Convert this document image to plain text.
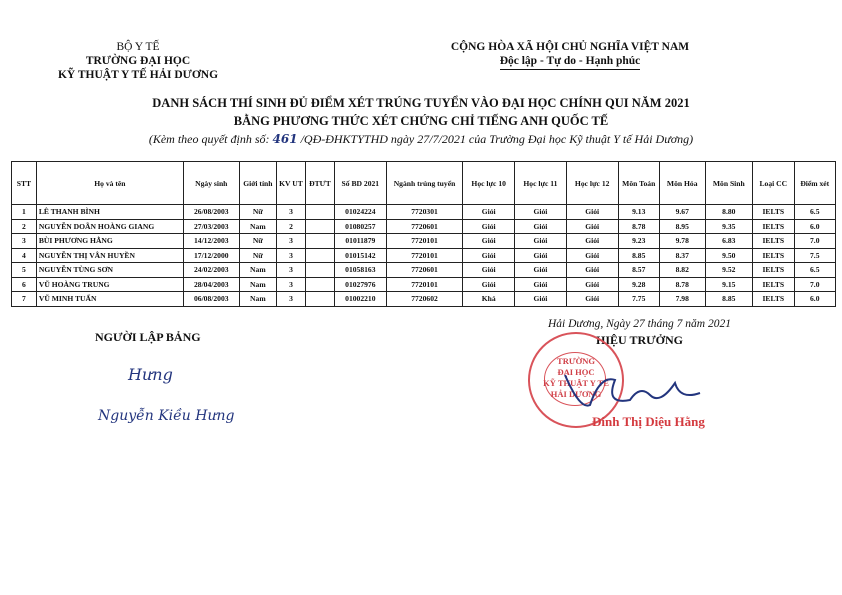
BỘ Y TẾ
TRƯỜNG ĐẠI HỌC
KỸ THUẬT Y TẾ HẢI DƯƠNG
CỘNG HÒA XÃ HỘI CHỦ NGHĨA VIỆT NAM
Độc lập - Tự do - Hạnh phúc
DANH SÁCH THÍ SINH ĐỦ ĐIỂM XÉT TRÚNG TUYỂN VÀO ĐẠI HỌC CHÍNH QUI NĂM 2021
BẰNG PHƯƠNG THỨC XÉT CHỨNG CHỈ TIẾNG ANH QUỐC TẾ
(Kèm theo quyết định số: 461 /QĐ-ĐHKTYTHD ngày 27/7/2021 của Trường Đại học Kỹ thuật Y tế Hải Dương)
STT	Họ và tên	Ngày sinh	Giới tính	KV UT	ĐTƯT	Số BD 2021	Ngành trúng tuyển	Học lực 10	Học lực 11	Học lực 12	Môn Toán	Môn Hóa	Môn Sinh	Loại CC	Điểm xét
1	LÊ THANH BÌNH	26/08/2003	Nữ	3		01024224	7720301	Giỏi	Giỏi	Giỏi	9.13	9.67	8.80	IELTS	6.5
2	NGUYỄN DOÃN HOÀNG GIANG	27/03/2003	Nam	2		01080257	7720601	Giỏi	Giỏi	Giỏi	8.78	8.95	9.35	IELTS	6.0
3	BÙI PHƯƠNG HẰNG	14/12/2003	Nữ	3		01011879	7720101	Giỏi	Giỏi	Giỏi	9.23	9.78	6.83	IELTS	7.0
4	NGUYỄN THỊ VÂN HUYỀN	17/12/2000	Nữ	3		01015142	7720101	Giỏi	Giỏi	Giỏi	8.85	8.37	9.50	IELTS	7.5
5	NGUYỄN TÙNG SƠN	24/02/2003	Nam	3		01058163	7720601	Giỏi	Giỏi	Giỏi	8.57	8.82	9.52	IELTS	6.5
6	VŨ HOÀNG TRUNG	28/04/2003	Nam	3		01027976	7720101	Giỏi	Giỏi	Giỏi	9.28	8.78	9.15	IELTS	7.0
7	VŨ MINH TUẤN	06/08/2003	Nam	3		01002210	7720602	Khá	Giỏi	Giỏi	7.75	7.98	8.85	IELTS	6.0
NGƯỜI LẬP BẢNG
Hưng
Nguyễn Kiều Hưng
Hải Dương, Ngày 27 tháng 7 năm 2021
HIỆU TRƯỞNG
TRƯỜNG
ĐẠI HỌC
KỸ THUẬT Y TẾ
HẢI DƯƠNG
Đinh Thị Diệu Hằng
